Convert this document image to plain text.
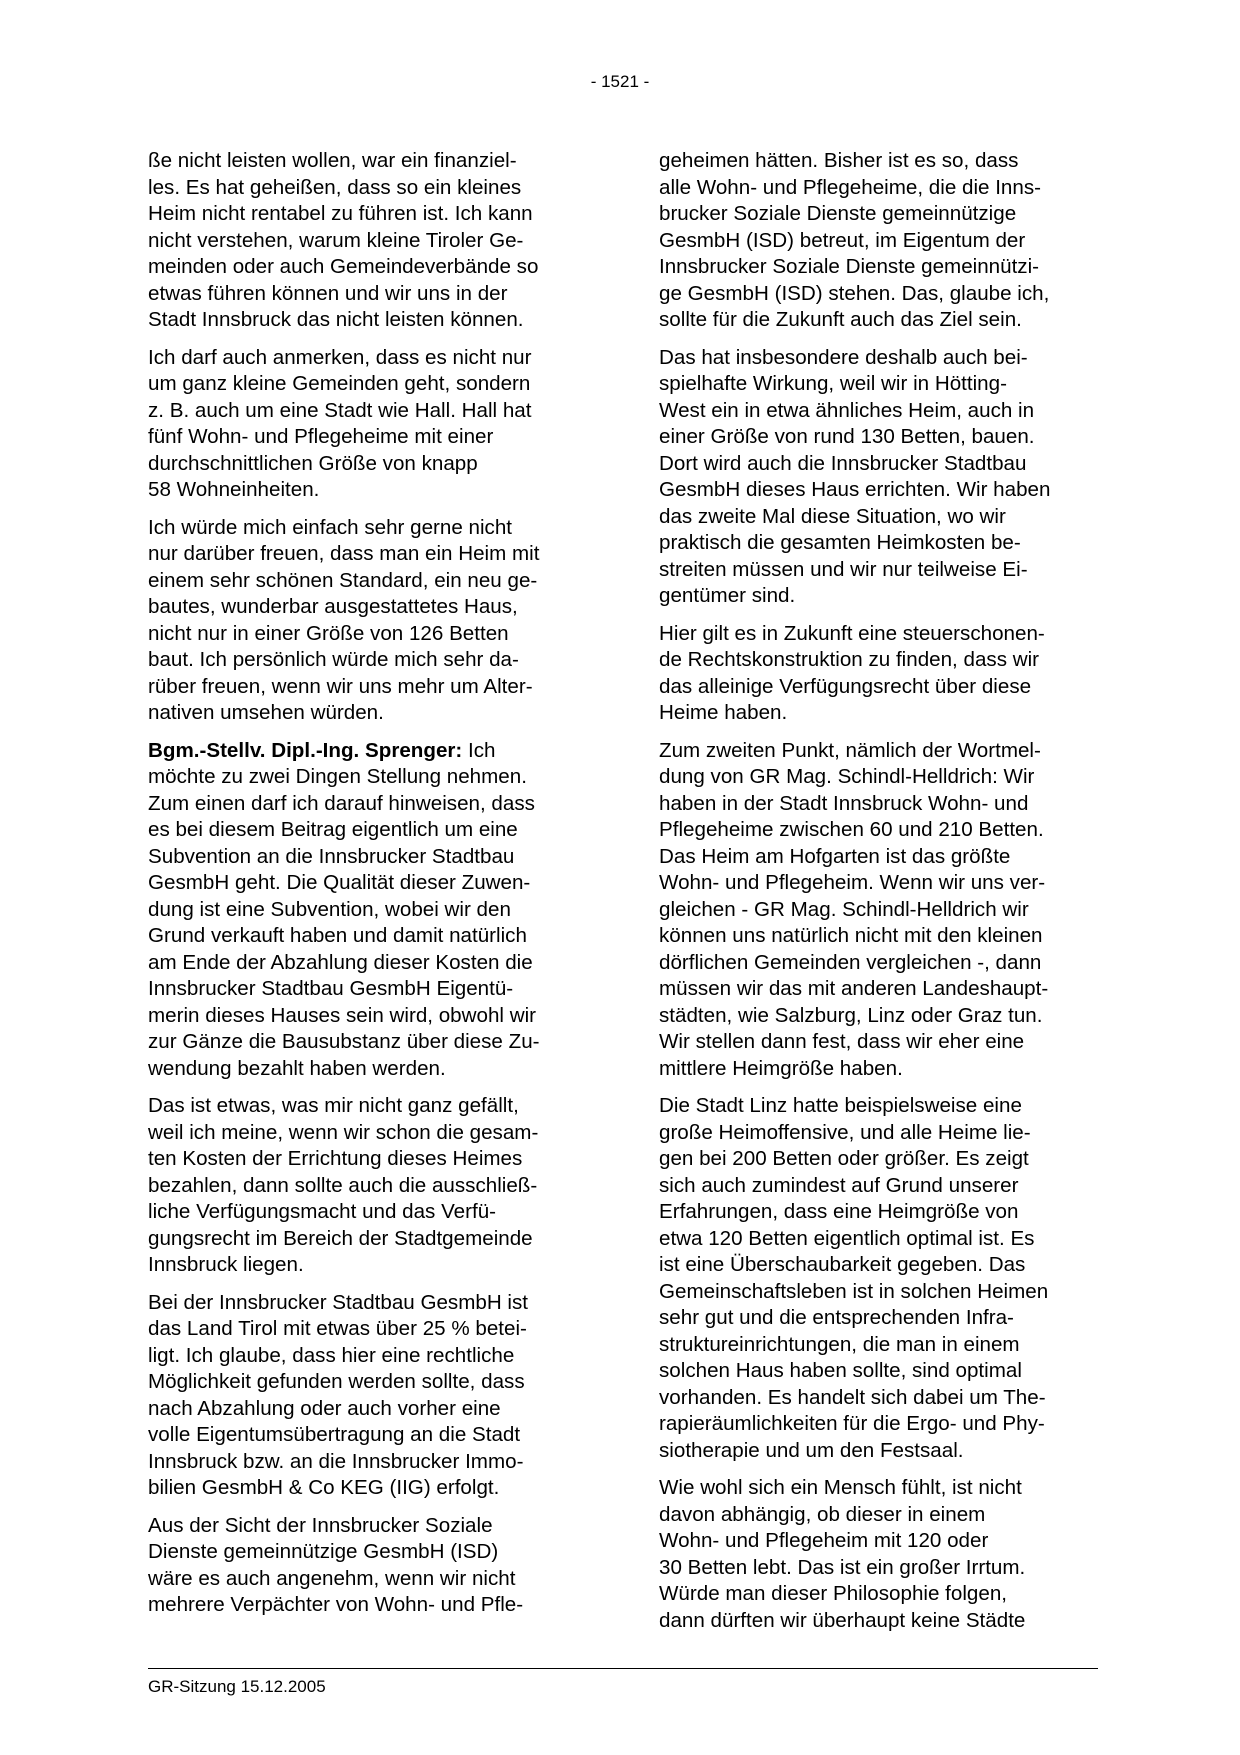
- 1521 -

ße nicht leisten wollen, war ein finanziel-
les. Es hat geheißen, dass so ein kleines
Heim nicht rentabel zu führen ist. Ich kann
nicht verstehen, warum kleine Tiroler Ge-
meinden oder auch Gemeindeverbände so
etwas führen können und wir uns in der
Stadt Innsbruck das nicht leisten können.

Ich darf auch anmerken, dass es nicht nur
um ganz kleine Gemeinden geht, sondern
z. B. auch um eine Stadt wie Hall. Hall hat
fünf Wohn- und Pflegeheime mit einer
durchschnittlichen Größe von knapp
58 Wohneinheiten.

Ich würde mich einfach sehr gerne nicht
nur darüber freuen, dass man ein Heim mit
einem sehr schönen Standard, ein neu ge-
bautes, wunderbar ausgestattetes Haus,
nicht nur in einer Größe von 126 Betten
baut. Ich persönlich würde mich sehr da-
rüber freuen, wenn wir uns mehr um Alter-
nativen umsehen würden.

Bgm.-Stellv. Dipl.-Ing. Sprenger: Ich
möchte zu zwei Dingen Stellung nehmen.
Zum einen darf ich darauf hinweisen, dass
es bei diesem Beitrag eigentlich um eine
Subvention an die Innsbrucker Stadtbau
GesmbH geht. Die Qualität dieser Zuwen-
dung ist eine Subvention, wobei wir den
Grund verkauft haben und damit natürlich
am Ende der Abzahlung dieser Kosten die
Innsbrucker Stadtbau GesmbH Eigentü-
merin dieses Hauses sein wird, obwohl wir
zur Gänze die Bausubstanz über diese Zu-
wendung bezahlt haben werden.

Das ist etwas, was mir nicht ganz gefällt,
weil ich meine, wenn wir schon die gesam-
ten Kosten der Errichtung dieses Heimes
bezahlen, dann sollte auch die ausschließ-
liche Verfügungsmacht und das Verfü-
gungsrecht im Bereich der Stadtgemeinde
Innsbruck liegen.

Bei der Innsbrucker Stadtbau GesmbH ist
das Land Tirol mit etwas über 25 % betei-
ligt. Ich glaube, dass hier eine rechtliche
Möglichkeit gefunden werden sollte, dass
nach Abzahlung oder auch vorher eine
volle Eigentumsübertragung an die Stadt
Innsbruck bzw. an die Innsbrucker Immo-
bilien GesmbH & Co KEG (IIG) erfolgt.

Aus der Sicht der Innsbrucker Soziale
Dienste gemeinnützige GesmbH (ISD)
wäre es auch angenehm, wenn wir nicht
mehrere Verpächter von Wohn- und Pfle-

geheimen hätten. Bisher ist es so, dass
alle Wohn- und Pflegeheime, die die Inns-
brucker Soziale Dienste gemeinnützige
GesmbH (ISD) betreut, im Eigentum der
Innsbrucker Soziale Dienste gemeinnützi-
ge GesmbH (ISD) stehen. Das, glaube ich,
sollte für die Zukunft auch das Ziel sein.

Das hat insbesondere deshalb auch bei-
spielhafte Wirkung, weil wir in Hötting-
West ein in etwa ähnliches Heim, auch in
einer Größe von rund 130 Betten, bauen.
Dort wird auch die Innsbrucker Stadtbau
GesmbH dieses Haus errichten. Wir haben
das zweite Mal diese Situation, wo wir
praktisch die gesamten Heimkosten be-
streiten müssen und wir nur teilweise Ei-
gentümer sind.

Hier gilt es in Zukunft eine steuerschonen-
de Rechtskonstruktion zu finden, dass wir
das alleinige Verfügungsrecht über diese
Heime haben.

Zum zweiten Punkt, nämlich der Wortmel-
dung von GR Mag. Schindl-Helldrich: Wir
haben in der Stadt Innsbruck Wohn- und
Pflegeheime zwischen 60 und 210 Betten.
Das Heim am Hofgarten ist das größte
Wohn- und Pflegeheim. Wenn wir uns ver-
gleichen - GR Mag. Schindl-Helldrich wir
können uns natürlich nicht mit den kleinen
dörflichen Gemeinden vergleichen -, dann
müssen wir das mit anderen Landeshaupt-
städten, wie Salzburg, Linz oder Graz tun.
Wir stellen dann fest, dass wir eher eine
mittlere Heimgröße haben.

Die Stadt Linz hatte beispielsweise eine
große Heimoffensive, und alle Heime lie-
gen bei 200 Betten oder größer. Es zeigt
sich auch zumindest auf Grund unserer
Erfahrungen, dass eine Heimgröße von
etwa 120 Betten eigentlich optimal ist. Es
ist eine Überschaubarkeit gegeben. Das
Gemeinschaftsleben ist in solchen Heimen
sehr gut und die entsprechenden Infra-
struktureinrichtungen, die man in einem
solchen Haus haben sollte, sind optimal
vorhanden. Es handelt sich dabei um The-
rapieräumlichkeiten für die Ergo- und Phy-
siotherapie und um den Festsaal.

Wie wohl sich ein Mensch fühlt, ist nicht
davon abhängig, ob dieser in einem
Wohn- und Pflegeheim mit 120 oder
30 Betten lebt. Das ist ein großer Irrtum.
Würde man dieser Philosophie folgen,
dann dürften wir überhaupt keine Städte

GR-Sitzung 15.12.2005
